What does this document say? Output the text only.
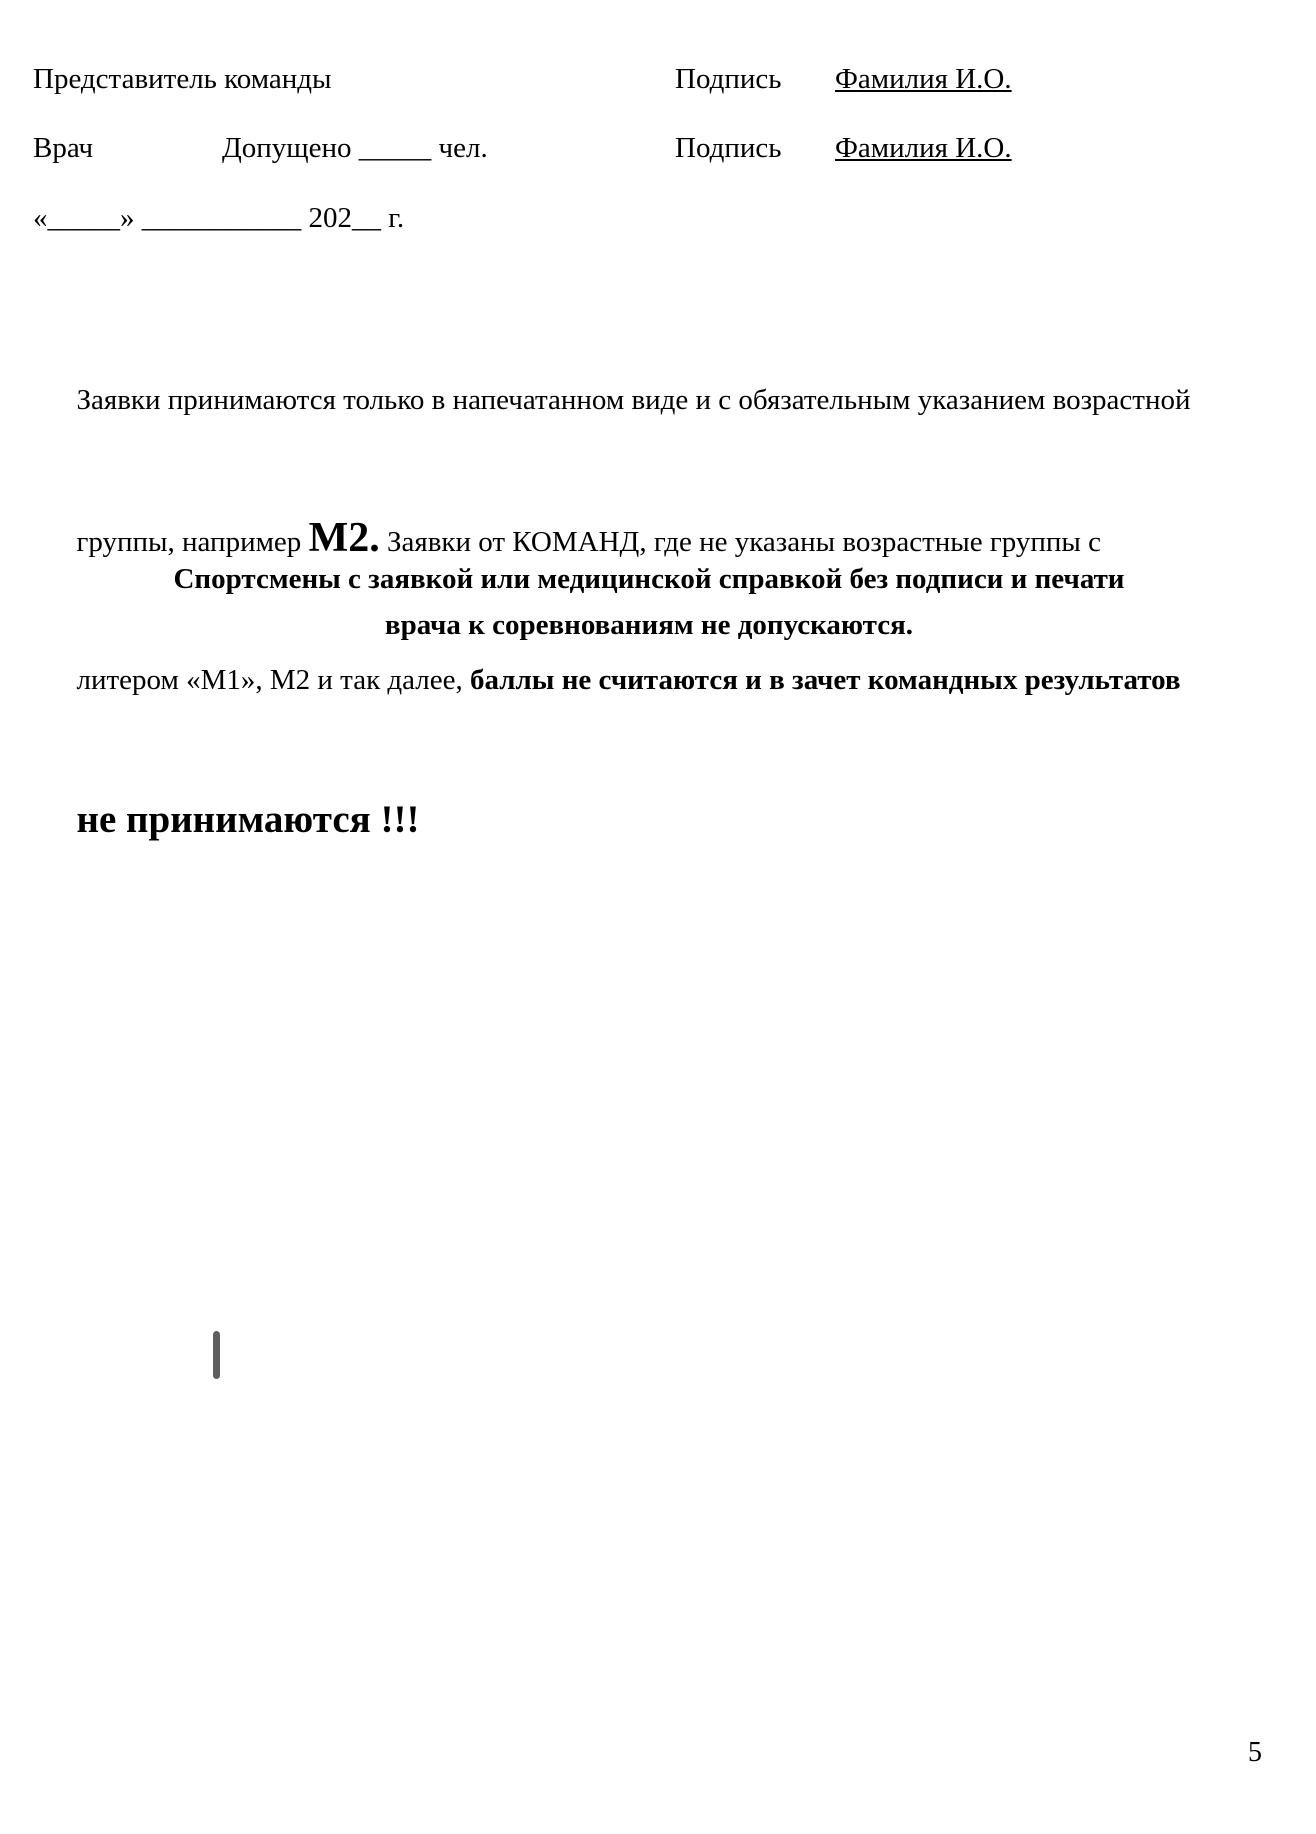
Представитель команды	Подпись Фамилия И.О.
Врач	Допущено _____ чел.	Подпись Фамилия И.О.
«_____» ___________ 202__ г.

Заявки принимаются только в напечатанном виде и с обязательным указанием возрастной

группы, например М2. Заявки от КОМАНД, где не указаны возрастные группы с

литером «М1», М2 и так далее, баллы не считаются и в зачет командных результатов

не принимаются !!!

Спортсмены с заявкой или медицинской справкой без подписи и печати
врача к соревнованиям не допускаются.
5
